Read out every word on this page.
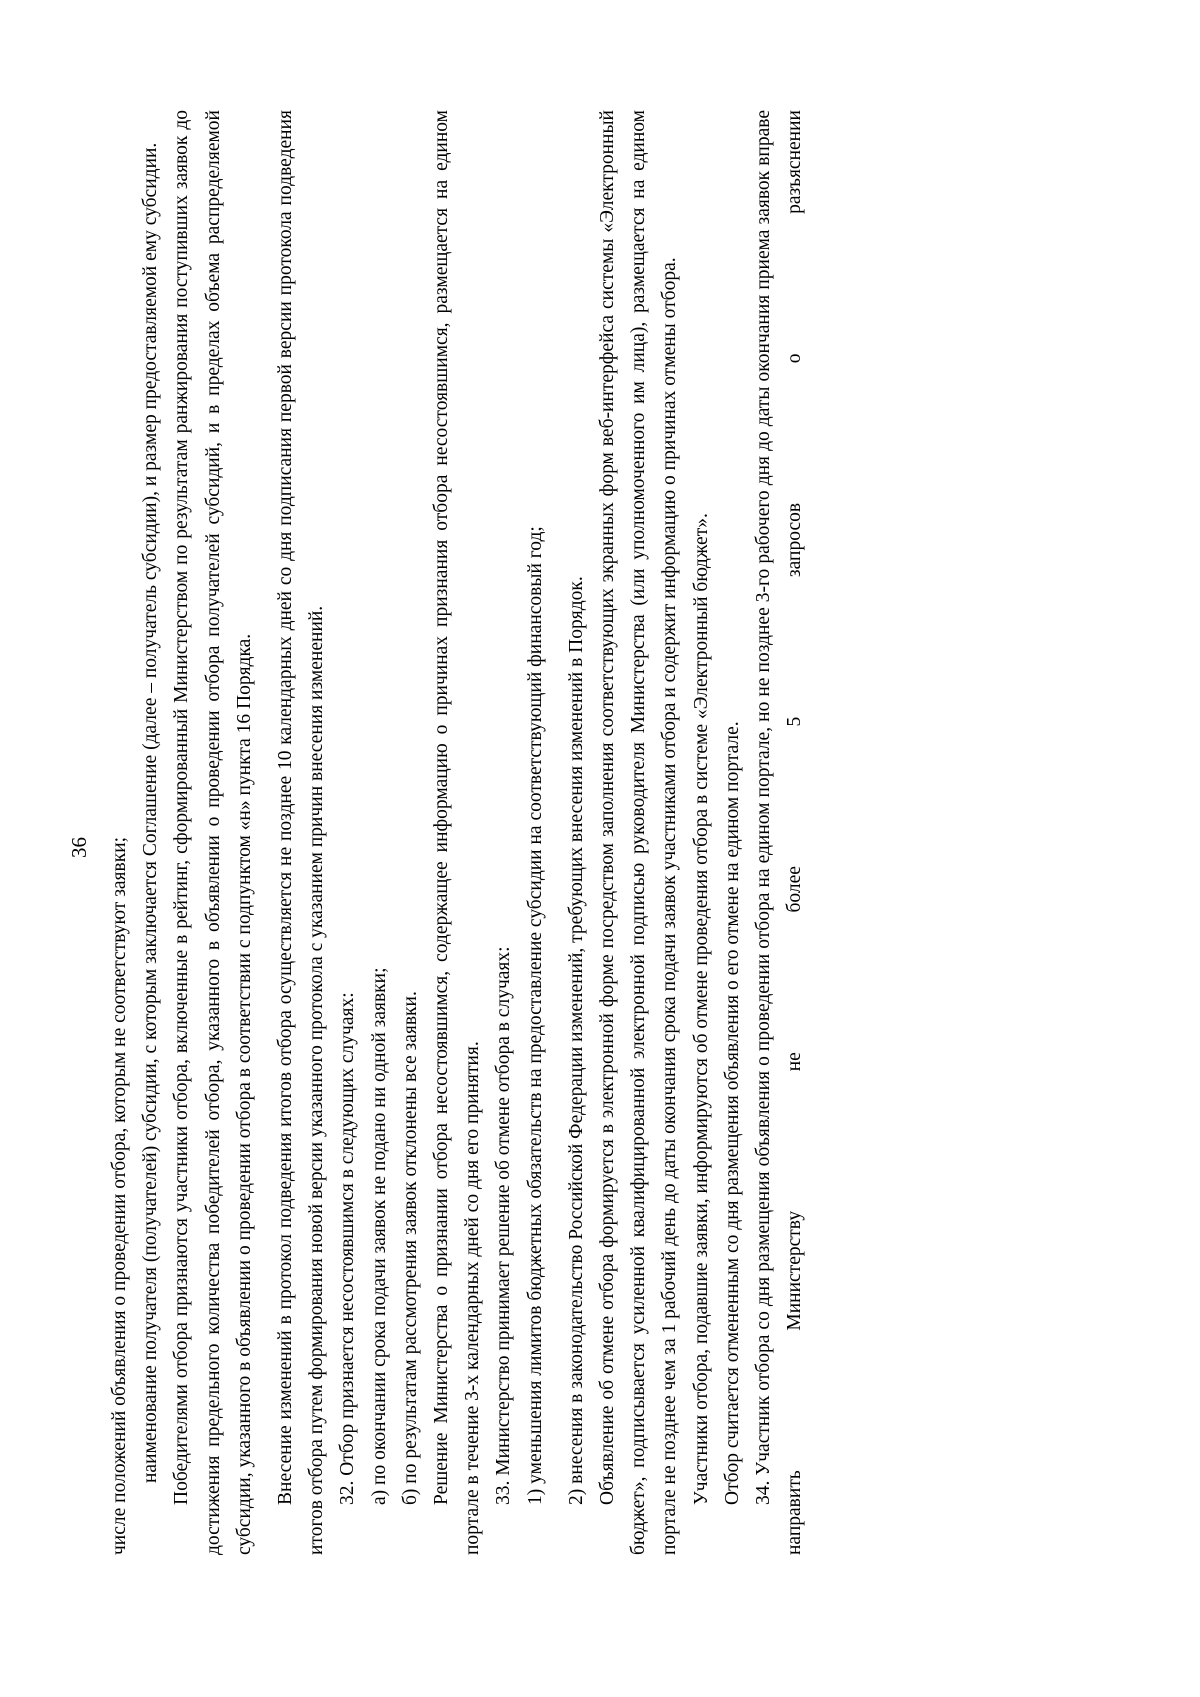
36 числе положений объявления о проведении отбора, которым не соответствуют заявки; наименование получателя (получателей) субсидии, с которым заключается Соглашение (далее – получатель субсидии), и размер предоставляемой ему субсидии. Победителями отбора признаются участники отбора, включенные в рейтинг, сформированный Министерством по результатам ранжирования поступивших заявок до достижения предельного количества победителей отбора, указанного в объявлении о проведении отбора получателей субсидий, и в пределах объема распределяемой субсидии, указанного в объявлении о проведении отбора в соответствии с подпунктом «н» пункта 16 Порядка. Внесение изменений в протокол подведения итогов отбора осуществляется не позднее 10 календарных дней со дня подписания первой версии протокола подведения итогов отбора путем формирования новой версии указанного протокола с указанием причин внесения изменений. 32. Отбор признается несостоявшимся в следующих случаях: а) по окончании срока подачи заявок не подано ни одной заявки; б) по результатам рассмотрения заявок отклонены все заявки. Решение Министерства о признании отбора несостоявшимся, содержащее информацию о причинах признания отбора несостоявшимся, размещается на едином портале в течение 3-х календарных дней со дня его принятия. 33. Министерство принимает решение об отмене отбора в случаях: 1) уменьшения лимитов бюджетных обязательств на предоставление субсидии на соответствующий финансовый год; 2) внесения в законодательство Российской Федерации изменений, требующих внесения изменений в Порядок. Объявление об отмене отбора формируется в электронной форме посредством заполнения соответствующих экранных форм веб-интерфейса системы «Электронный бюджет», подписывается усиленной квалифицированной электронной подписью руководителя Министерства (или уполномоченного им лица), размещается на едином портале не позднее чем за 1 рабочий день до даты окончания срока подачи заявок участниками отбора и содержит информацию о причинах отмены отбора. Участники отбора, подавшие заявки, информируются об отмене проведения отбора в системе «Электронный бюджет». Отбор считается отмененным со дня размещения объявления о его отмене на едином портале. 34. Участник отбора со дня размещения объявления о проведении отбора на едином портале, но не позднее 3-го рабочего дня до даты окончания приема заявок вправе направить Министерству не более 5 запросов о разъяснении
